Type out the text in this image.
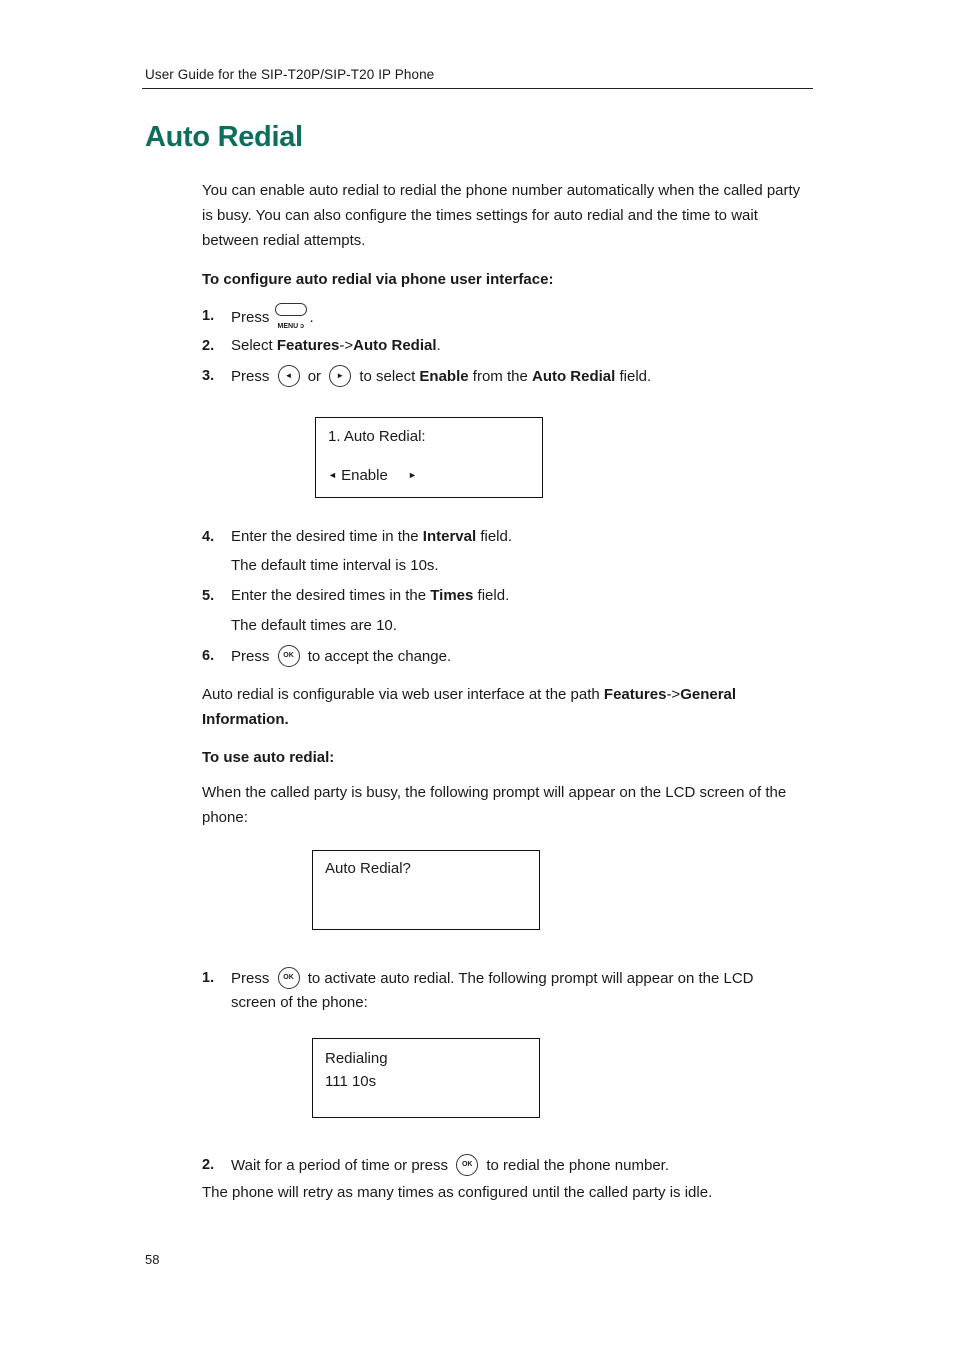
User Guide for the SIP-T20P/SIP-T20 IP Phone
Auto Redial
You can enable auto redial to redial the phone number automatically when the called party is busy. You can also configure the times settings for auto redial and the time to wait between redial attempts.
To configure auto redial via phone user interface:
1. Press
MENU ↄ
.
2. Select Features->Auto Redial.
3. Press	◄	or	►	to select Enable from the Auto Redial field.
1. Auto Redial:
◄ Enable ►
4. Enter the desired time in the Interval field.
The default time interval is 10s.
5. Enter the desired times in the Times field.
The default times are 10.
6. Press	OK to accept the change.
Auto redial is configurable via web user interface at the path Features->General Information.
To use auto redial:
When the called party is busy, the following prompt will appear on the LCD screen of the phone:
Auto Redial?
1. Press	OK to activate auto redial. The following prompt will appear on the LCD
screen of the phone:
Redialing
111 10s
2. Wait for a period of time or press	OK to redial the phone number.
The phone will retry as many times as configured until the called party is idle.
58
